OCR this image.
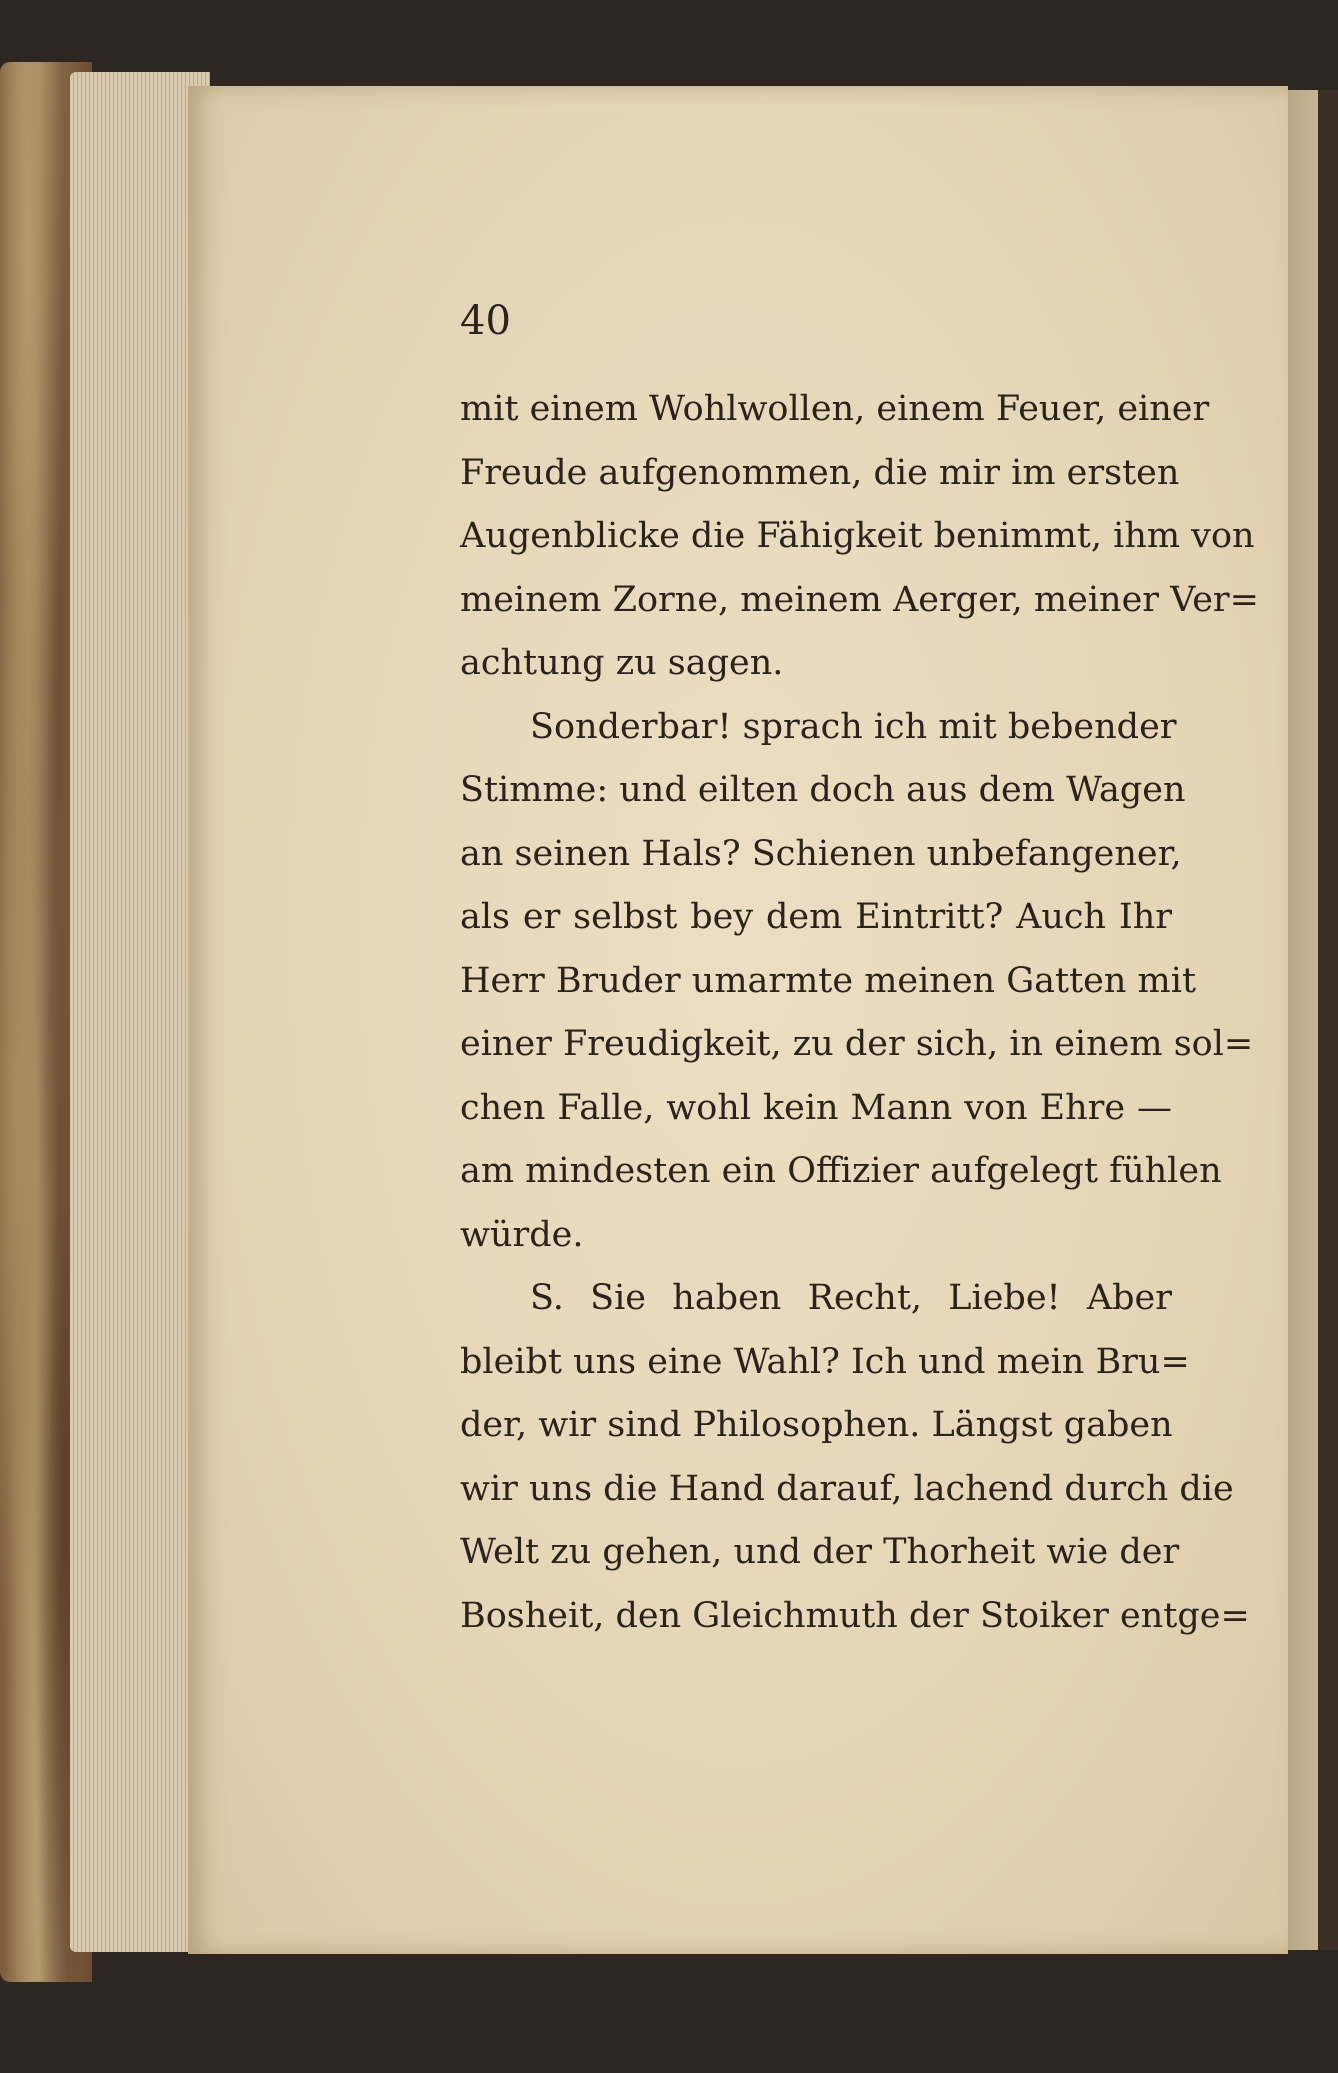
40
mit einem Wohlwollen, einem Feuer, einer
Freude aufgenommen, die mir im ersten
Augenblicke die Fähigkeit benimmt, ihm von
meinem Zorne, meinem Aerger, meiner Ver=
achtung zu sagen.
Sonderbar! sprach ich mit bebender
Stimme: und eilten doch aus dem Wagen
an seinen Hals? Schienen unbefangener,
als er selbst bey dem Eintritt? Auch Ihr
Herr Bruder umarmte meinen Gatten mit
einer Freudigkeit, zu der sich, in einem sol=
chen Falle, wohl kein Mann von Ehre —
am mindesten ein Offizier aufgelegt fühlen
würde.
S. Sie haben Recht, Liebe! Aber
bleibt uns eine Wahl? Ich und mein Bru=
der, wir sind Philosophen. Längst gaben
wir uns die Hand darauf, lachend durch die
Welt zu gehen, und der Thorheit wie der
Bosheit, den Gleichmuth der Stoiker entge=
